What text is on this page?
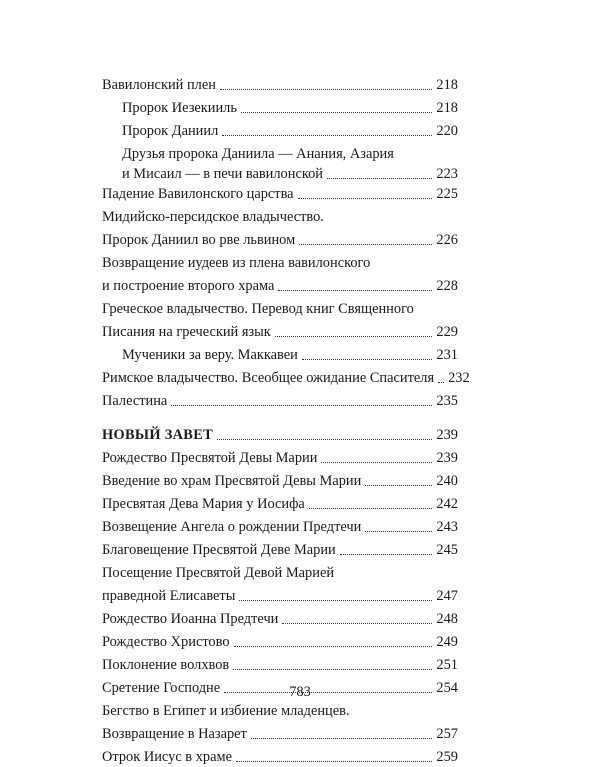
Вавилонский плен	218
Пророк Иезекииль	218
Пророк Даниил	220
Друзья пророка Даниила — Анания, Азария
и Мисаил — в печи вавилонской	223
Падение Вавилонского царства	225
Мидийско-персидское владычество.
Пророк Даниил во рве львином	226
Возвращение иудеев из плена вавилонского
и построение второго храма	228
Греческое владычество. Перевод книг Священного
Писания на греческий язык	229
Мученики за веру. Маккавеи	231
Римское владычество. Всеобщее ожидание Спасителя 232
Палестина	235
НОВЫЙ ЗАВЕТ	239
Рождество Пресвятой Девы Марии	239
Введение во храм Пресвятой Девы Марии	240
Пресвятая Дева Мария у Иосифа	242
Возвещение Ангела о рождении Предтечи	243
Благовещение Пресвятой Деве Марии	245
Посещение Пресвятой Девой Марией
праведной Елисаветы	247
Рождество Иоанна Предтечи	248
Рождество Христово	249
Поклонение волхвов	251
Сретение Господне	254
Бегство в Египет и избиение младенцев.
Возвращение в Назарет	257
Отрок Иисус в храме	259
783
